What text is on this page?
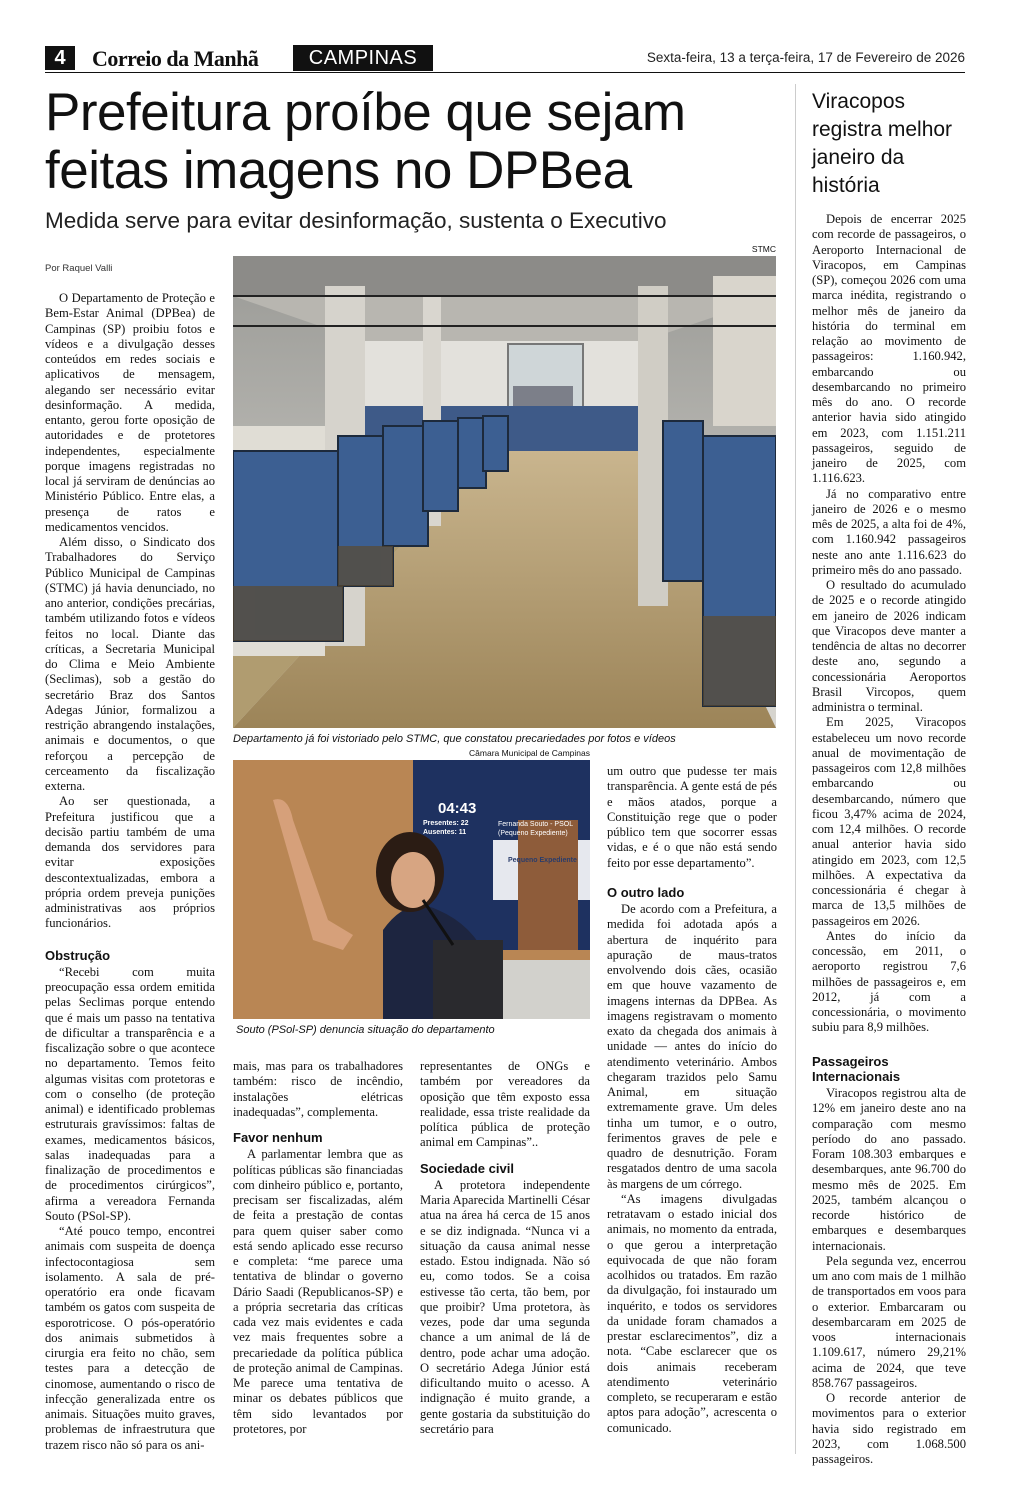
4	Correio da Manhã	CAMPINAS	Sexta-feira, 13 a terça-feira, 17 de Fevereiro de 2026
Prefeitura proíbe que sejam feitas imagens no DPBea
Medida serve para evitar desinformação, sustenta o Executivo
Por Raquel Valli
STMC
Departamento já foi vistoriado pelo STMC, que constatou precariedades por fotos e vídeos
Câmara Municipal de Campinas
04:43
Presentes: 22
Ausentes: 11
Fernanda Souto - PSOL (Pequeno Expediente)
Pequeno Expediente
Souto (PSol-SP) denuncia situação do departamento

O Departamento de Proteção e Bem-Estar Animal (DPBea) de Campinas (SP) proibiu fotos e vídeos e a divulgação desses conteúdos em redes sociais e aplicativos de mensagem, alegando ser necessário evitar desinformação. A medida, entanto, gerou forte oposição de autoridades e de protetores independentes, especialmente porque imagens registradas no local já serviram de denúncias ao Ministério Público. Entre elas, a presença de ratos e medicamentos vencidos.

Além disso, o Sindicato dos Trabalhadores do Serviço Público Municipal de Campinas (STMC) já havia denunciado, no ano anterior, condições precárias, também utilizando fotos e vídeos feitos no local. Diante das críticas, a Secretaria Municipal do Clima e Meio Ambiente (Seclimas), sob a gestão do secretário Braz dos Santos Adegas Júnior, formalizou a restrição abrangendo instalações, animais e documentos, o que reforçou a percepção de cerceamento da fiscalização externa.

Ao ser questionada, a Prefeitura justificou que a decisão partiu também de uma demanda dos servidores para evitar exposições descontextualizadas, embora a própria ordem preveja punições administrativas aos próprios funcionários.

Obstrução

“Recebi com muita preocupação essa ordem emitida pelas Seclimas porque entendo que é mais um passo na tentativa de dificultar a transparência e a fiscalização sobre o que acontece no departamento. Temos feito algumas visitas com protetoras e com o conselho (de proteção animal) e identificado problemas estruturais gravíssimos: faltas de exames, medicamentos básicos, salas inadequadas para a finalização de procedimentos e de procedimentos cirúrgicos”, afirma a vereadora Fernanda Souto (PSol-SP).

“Até pouco tempo, encontrei animais com suspeita de doença infectocontagiosa sem isolamento. A sala de pré-operatório era onde ficavam também os gatos com suspeita de esporotricose. O pós-operatório dos animais submetidos à cirurgia era feito no chão, sem testes para a detecção de cinomose, aumentando o risco de infecção generalizada entre os animais. Situações muito graves, problemas de infraestrutura que trazem risco não só para os ani-

mais, mas para os trabalhadores também: risco de incêndio, instalações elétricas inadequadas”, complementa.

Favor nenhum

A parlamentar lembra que as políticas públicas são financiadas com dinheiro público e, portanto, precisam ser fiscalizadas, além de feita a prestação de contas para quem quiser saber como está sendo aplicado esse recurso e completa: “me parece uma tentativa de blindar o governo Dário Saadi (Republicanos-SP) e a própria secretaria das críticas cada vez mais evidentes e cada vez mais frequentes sobre a precariedade da política pública de proteção animal de Campinas. Me parece uma tentativa de minar os debates públicos que têm sido levantados por protetores, por

representantes de ONGs e também por vereadores da oposição que têm exposto essa realidade, essa triste realidade da política pública de proteção animal em Campinas”..

Sociedade civil

A protetora independente Maria Aparecida Martinelli César atua na área há cerca de 15 anos e se diz indignada. “Nunca vi a situação da causa animal nesse estado. Estou indignada. Não só eu, como todos. Se a coisa estivesse tão certa, tão bem, por que proibir? Uma protetora, às vezes, pode dar uma segunda chance a um animal de lá de dentro, pode achar uma adoção. O secretário Adega Júnior está dificultando muito o acesso. A indignação é muito grande, a gente gostaria da substituição do secretário para

um outro que pudesse ter mais transparência. A gente está de pés e mãos atados, porque a Constituição rege que o poder público tem que socorrer essas vidas, e é o que não está sendo feito por esse departamento”.

O outro lado

De acordo com a Prefeitura, a medida foi adotada após a abertura de inquérito para apuração de maus-tratos envolvendo dois cães, ocasião em que houve vazamento de imagens internas da DPBea. As imagens registravam o momento exato da chegada dos animais à unidade — antes do início do atendimento veterinário. Ambos chegaram trazidos pelo Samu Animal, em situação extremamente grave. Um deles tinha um tumor, e o outro, ferimentos graves de pele e quadro de desnutrição. Foram resgatados dentro de uma sacola às margens de um córrego.

“As imagens divulgadas retratavam o estado inicial dos animais, no momento da entrada, o que gerou a interpretação equivocada de que não foram acolhidos ou tratados. Em razão da divulgação, foi instaurado um inquérito, e todos os servidores da unidade foram chamados a prestar esclarecimentos”, diz a nota. “Cabe esclarecer que os dois animais receberam atendimento veterinário completo, se recuperaram e estão aptos para adoção”, acrescenta o comunicado.

Viracopos registra melhor janeiro da história

Depois de encerrar 2025 com recorde de passageiros, o Aeroporto Internacional de Viracopos, em Campinas (SP), começou 2026 com uma marca inédita, registrando o melhor mês de janeiro da história do terminal em relação ao movimento de passageiros: 1.160.942, embarcando ou desembarcando no primeiro mês do ano. O recorde anterior havia sido atingido em 2023, com 1.151.211 passageiros, seguido de janeiro de 2025, com 1.116.623.

Já no comparativo entre janeiro de 2026 e o mesmo mês de 2025, a alta foi de 4%, com 1.160.942 passageiros neste ano ante 1.116.623 do primeiro mês do ano passado.

O resultado do acumulado de 2025 e o recorde atingido em janeiro de 2026 indicam que Viracopos deve manter a tendência de altas no decorrer deste ano, segundo a concessionária Aeroportos Brasil Vircopos, quem administra o terminal.

Em 2025, Viracopos estabeleceu um novo recorde anual de movimentação de passageiros com 12,8 milhões embarcando ou desembarcando, número que ficou 3,47% acima de 2024, com 12,4 milhões. O recorde anual anterior havia sido atingido em 2023, com 12,5 milhões. A expectativa da concessionária é chegar à marca de 13,5 milhões de passageiros em 2026.

Antes do início da concessão, em 2011, o aeroporto registrou 7,6 milhões de passageiros e, em 2012, já com a concessionária, o movimento subiu para 8,9 milhões.

Passageiros Internacionais

Viracopos registrou alta de 12% em janeiro deste ano na comparação com mesmo período do ano passado. Foram 108.303 embarques e desembarques, ante 96.700 do mesmo mês de 2025. Em 2025, também alcançou o recorde histórico de embarques e desembarques internacionais.

Pela segunda vez, encerrou um ano com mais de 1 milhão de transportados em voos para o exterior. Embarcaram ou desembarcaram em 2025 de voos internacionais 1.109.617, número 29,21% acima de 2024, que teve 858.767 passageiros.

O recorde anterior de movimentos para o exterior havia sido registrado em 2023, com 1.068.500 passageiros.
